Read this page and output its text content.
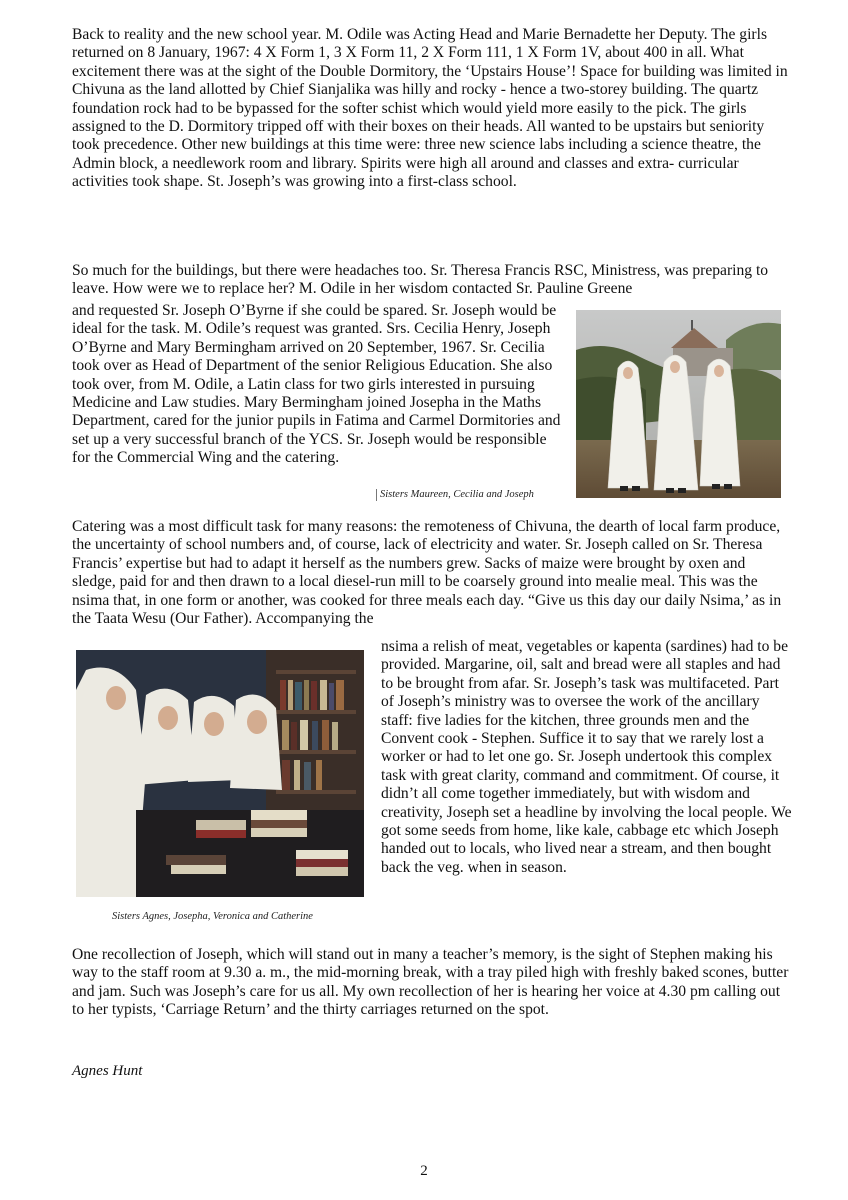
Back to reality and the new school year. M. Odile was Acting Head and Marie Bernadette her Deputy. The girls returned on 8 January, 1967: 4 X Form 1, 3 X Form 11, 2 X Form 111, 1 X Form 1V, about 400 in all. What excitement there was at the sight of the Double Dormitory, the ‘Upstairs House’! Space for building was limited in Chivuna as the land allotted by Chief Sianjalika was hilly and rocky - hence a two-storey building. The quartz foundation rock had to be bypassed for the softer schist which would yield more easily to the pick. The girls assigned to the D. Dormitory tripped off with their boxes on their heads. All wanted to be upstairs but seniority took precedence. Other new buildings at this time were: three new science labs including a science theatre, the Admin block, a needlework room and library. Spirits were high all around and classes and extra- curricular activities took shape. St. Joseph’s was growing into a first-class school.

So much for the buildings, but there were headaches too. Sr. Theresa Francis RSC, Ministress, was preparing to leave. How were we to replace her? M. Odile in her wisdom contacted Sr. Pauline Greene

and requested Sr. Joseph O’Byrne if she could be spared. Sr. Joseph would be ideal for the task. M. Odile’s request was granted. Srs. Cecilia Henry, Joseph O’Byrne and Mary Bermingham arrived on 20 September, 1967. Sr. Cecilia took over as Head of Department of the senior Religious Education. She also took over, from M. Odile, a Latin class for two girls interested in pursuing Medicine and Law studies. Mary Bermingham joined Josepha in the Maths Department, cared for the junior pupils in Fatima and Carmel Dormitories and set up a very successful branch of the YCS. Sr. Joseph would be responsible for the Commercial Wing and the catering.

Sisters Maureen, Cecilia and Joseph

Catering was a most difficult task for many reasons: the remoteness of Chivuna, the dearth of local farm produce, the uncertainty of school numbers and, of course, lack of electricity and water. Sr. Joseph called on Sr. Theresa Francis’ expertise but had to adapt it herself as the numbers grew. Sacks of maize were brought by oxen and sledge, paid for and then drawn to a local diesel-run mill to be coarsely ground into mealie meal. This was the nsima that, in one form or another, was cooked for three meals each day. “Give us this day our daily Nsima,’ as in the Taata Wesu (Our Father). Accompanying the

Sisters Agnes, Josepha, Veronica and Catherine

nsima a relish of meat, vegetables or kapenta (sardines) had to be provided. Margarine, oil, salt and bread were all staples and had to be brought from afar. Sr. Joseph’s task was multifaceted. Part of Joseph’s ministry was to oversee the work of the ancillary staff: five ladies for the kitchen, three grounds men and the Convent cook - Stephen. Suffice it to say that we rarely lost a worker or had to let one go. Sr. Joseph undertook this complex task with great clarity, command and commitment. Of course, it didn’t all come together immediately, but with wisdom and creativity, Joseph set a headline by involving the local people. We got some seeds from home, like kale, cabbage etc which Joseph handed out to locals, who lived near a stream, and then bought back the veg. when in season.

One recollection of Joseph, which will stand out in many a teacher’s memory, is the sight of Stephen making his way to the staff room at 9.30 a. m., the mid-morning break, with a tray piled high with freshly baked scones, butter and jam. Such was Joseph’s care for us all. My own recollection of her is hearing her voice at 4.30 pm calling out to her typists, ‘Carriage Return’ and the thirty carriages returned on the spot.

Agnes Hunt
2
